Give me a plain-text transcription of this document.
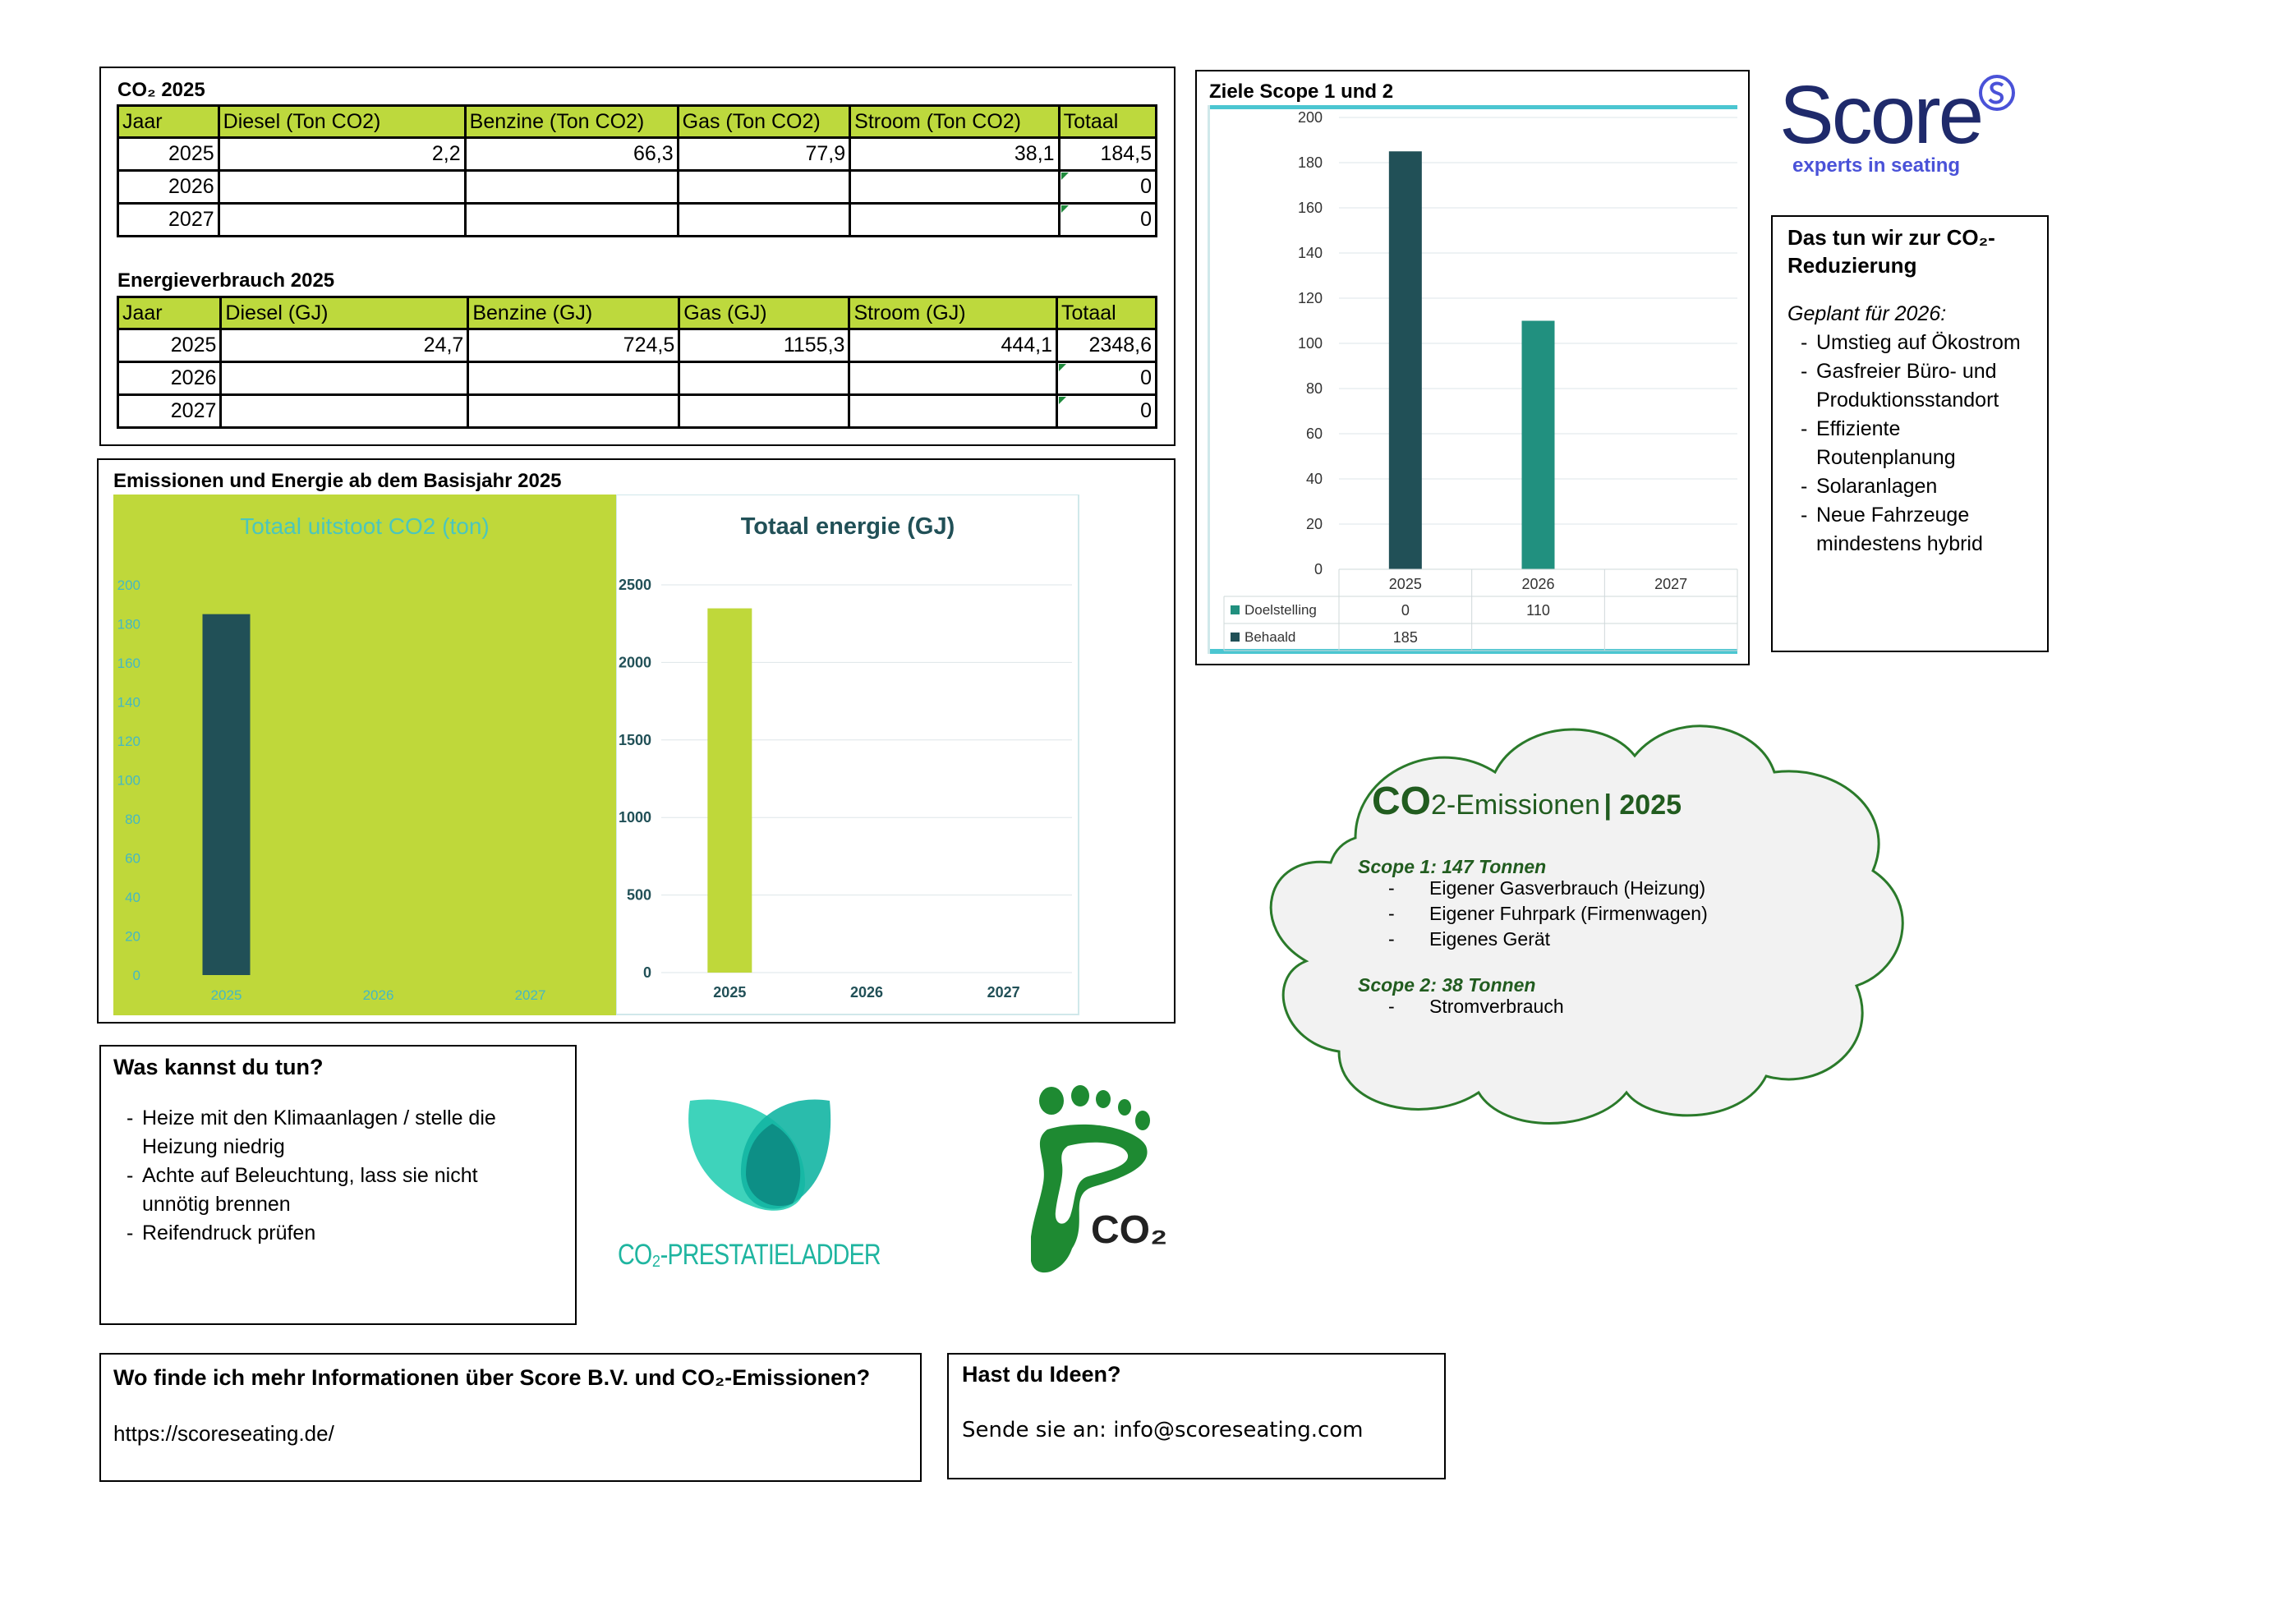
CO₂ 2025
Jaar	Diesel (Ton CO2)	Benzine (Ton CO2)	Gas (Ton CO2)	Stroom (Ton CO2)	Totaal
2025	2,2	66,3	77,9	38,1	184,5
2026					0
2027					0
Energieverbrauch 2025
Jaar	Diesel (GJ)	Benzine (GJ)	Gas (GJ)	Stroom (GJ)	Totaal
2025	24,7	724,5	1155,3	444,1	2348,6
2026					0
2027					0
Emissionen und Energie ab dem Basisjahr 2025
Totaal uitstoot CO2 (ton)
0
20
40
60
80
100
120
140
160
180
200
2025	2026	2027
Totaal energie (GJ)
0
500
1000
1500
2000
2500
2025	2026	2027
Ziele Scope 1 und 2
0
20
40
60
80
100
120
140
160
180
200
2025	2026	2027
Doelstelling	0	110
Behaald	185
Score
experts in seating
Das tun wir zur CO₂-Reduzierung
Geplant für 2026:
- Umstieg auf Ökostrom
- Gasfreier Büro- und
Produktionsstandort
- Effiziente
Routenplanung
- Solaranlagen
- Neue Fahrzeuge
mindestens hybrid
CO2-Emissionen | 2025
Scope 1: 147 Tonnen
- Eigener Gasverbrauch (Heizung)
- Eigener Fuhrpark (Firmenwagen)
- Eigenes Gerät
Scope 2: 38 Tonnen
- Stromverbrauch
Was kannst du tun?
- Heize mit den Klimaanlagen / stelle die
Heizung niedrig
- Achte auf Beleuchtung, lass sie nicht
unnötig brennen
- Reifendruck prüfen
CO₂-PRESTATIELADDER
CO₂
Wo finde ich mehr Informationen über Score B.V. und CO₂-Emissionen?
https://scoreseating.de/
Hast du Ideen?
Sende sie an: info@scoreseating.com
